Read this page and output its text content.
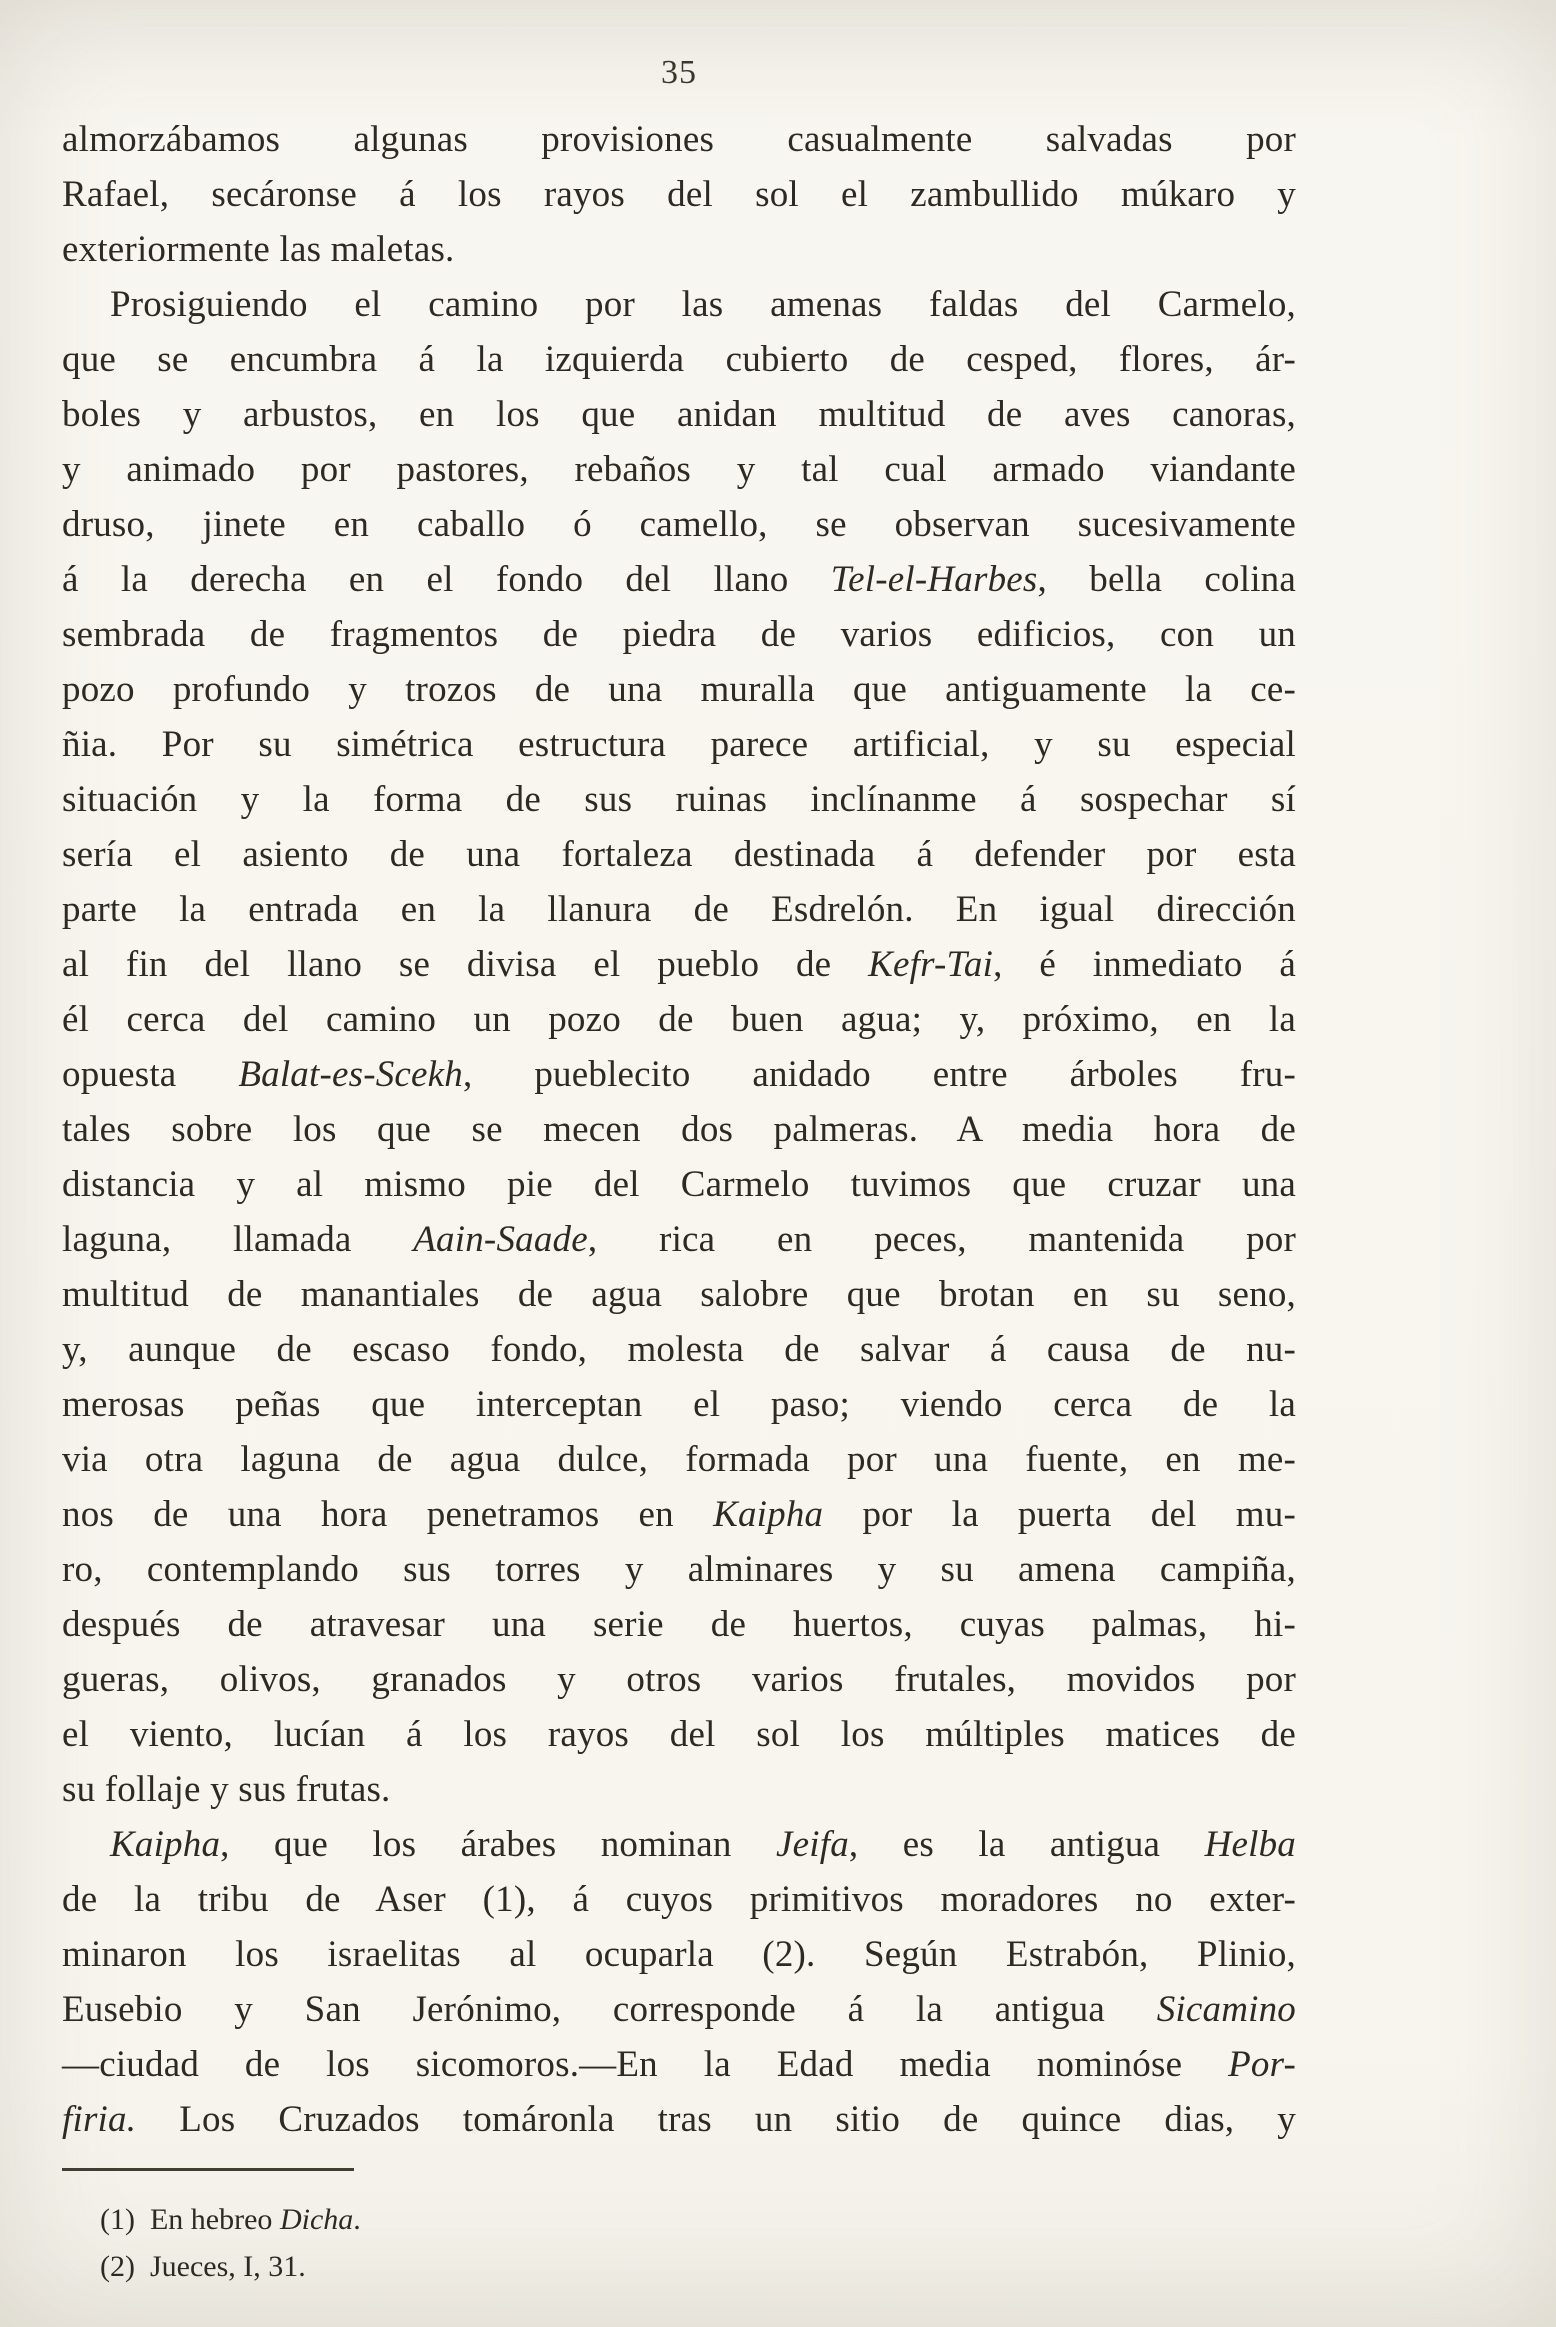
35
almorzábamos algunas provisiones casualmente salvadas por
Rafael, secáronse á los rayos del sol el zambullido múkaro y
exteriormente las maletas.
Prosiguiendo el camino por las amenas faldas del Carmelo,
que se encumbra á la izquierda cubierto de cesped, flores, ár-
boles y arbustos, en los que anidan multitud de aves canoras,
y animado por pastores, rebaños y tal cual armado viandante
druso, jinete en caballo ó camello, se observan sucesivamente
á la derecha en el fondo del llano Tel-el-Harbes, bella colina
sembrada de fragmentos de piedra de varios edificios, con un
pozo profundo y trozos de una muralla que antiguamente la ce-
ñia. Por su simétrica estructura parece artificial, y su especial
situación y la forma de sus ruinas inclínanme á sospechar sí
sería el asiento de una fortaleza destinada á defender por esta
parte la entrada en la llanura de Esdrelón. En igual dirección
al fin del llano se divisa el pueblo de Kefr-Tai, é inmediato á
él cerca del camino un pozo de buen agua; y, próximo, en la
opuesta Balat-es-Scekh, pueblecito anidado entre árboles fru-
tales sobre los que se mecen dos palmeras. A media hora de
distancia y al mismo pie del Carmelo tuvimos que cruzar una
laguna, llamada Aain-Saade, rica en peces, mantenida por
multitud de manantiales de agua salobre que brotan en su seno,
y, aunque de escaso fondo, molesta de salvar á causa de nu-
merosas peñas que interceptan el paso; viendo cerca de la
via otra laguna de agua dulce, formada por una fuente, en me-
nos de una hora penetramos en Kaipha por la puerta del mu-
ro, contemplando sus torres y alminares y su amena campiña,
después de atravesar una serie de huertos, cuyas palmas, hi-
gueras, olivos, granados y otros varios frutales, movidos por
el viento, lucían á los rayos del sol los múltiples matices de
su follaje y sus frutas.
Kaipha, que los árabes nominan Jeifa, es la antigua Helba
de la tribu de Aser (1), á cuyos primitivos moradores no exter-
minaron los israelitas al ocuparla (2). Según Estrabón, Plinio,
Eusebio y San Jerónimo, corresponde á la antigua Sicamino
—ciudad de los sicomoros.—En la Edad media nominóse Por-
firia. Los Cruzados tomáronla tras un sitio de quince dias, y
(1)  En hebreo Dicha.
(2)  Jueces, I, 31.
